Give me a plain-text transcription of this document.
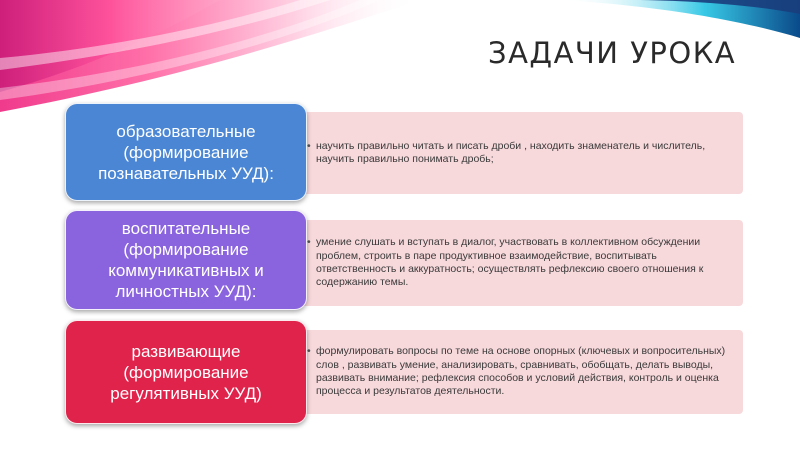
ЗАДАЧИ УРОКА
• научить правильно читать и писать дроби , находить знаменатель и числитель, научить правильно понимать дробь;
образовательные (формирование познавательных УУД):
• умение слушать и вступать в диалог, участвовать в коллективном обсуждении проблем, строить в паре продуктивное взаимодействие, воспитывать ответственность и аккуратность; осуществлять рефлексию своего отношения к содержанию темы.
воспитательные (формирование коммуникативных и личностных УУД):
• формулировать вопросы по теме на основе опорных (ключевых и вопросительных) слов , развивать умение, анализировать, сравнивать, обобщать, делать выводы, развивать внимание; рефлексия способов и условий действия, контроль и оценка процесса и результатов деятельности.
развивающие (формирование регулятивных УУД)
